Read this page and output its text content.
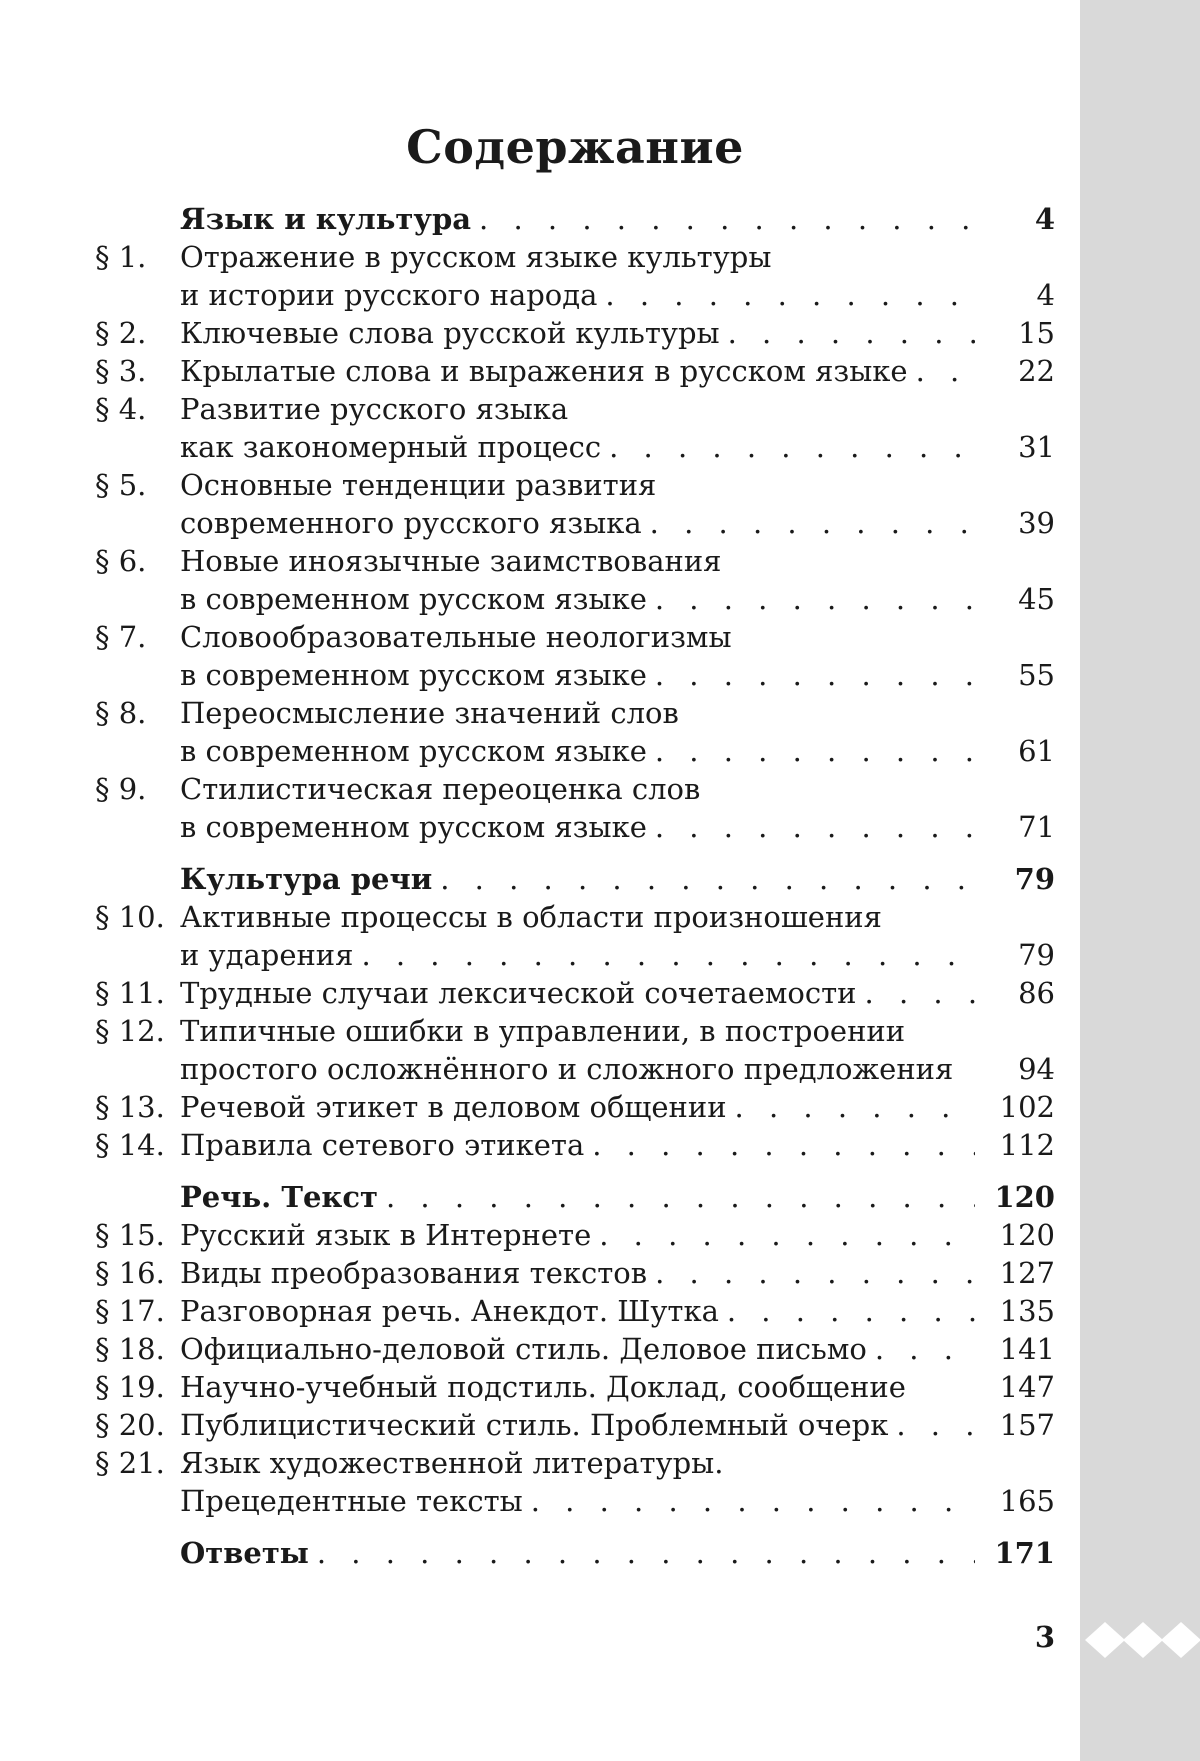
Содержание
Язык и культура . . .	4
§ 1.	Отражение в русском языке культуры
и истории русского народа . . .	4
§ 2.	Ключевые слова русской культуры . . .	15
§ 3.	Крылатые слова и выражения в русском языке . . .	22
§ 4.	Развитие русского языка
как закономерный процесс . . .	31
§ 5.	Основные тенденции развития
современного русского языка . . .	39
§ 6.	Новые иноязычные заимствования
в современном русском языке . . .	45
§ 7.	Словообразовательные неологизмы
в современном русском языке . . .	55
§ 8.	Переосмысление значений слов
в современном русском языке . . .	61
§ 9.	Стилистическая переоценка слов
в современном русском языке . . .	71
Культура речи . . .	79
§ 10. Активные процессы в области произношения
и ударения . . .	79
§ 11. Трудные случаи лексической сочетаемости . . .	86
§ 12. Типичные ошибки в управлении, в построении
простого осложнённого и сложного предложения	94
§ 13. Речевой этикет в деловом общении . . .	102
§ 14. Правила сетевого этикета . . .	112
Речь. Текст . . .	120
§ 15. Русский язык в Интернете . . .	120
§ 16. Виды преобразования текстов . . .	127
§ 17. Разговорная речь. Анекдот. Шутка . . .	135
§ 18. Официально-деловой стиль. Деловое письмо . . .	141
§ 19. Научно-учебный подстиль. Доклад, сообщение	147
§ 20. Публицистический стиль. Проблемный очерк . . .	157
§ 21. Язык художественной литературы.
Прецедентные тексты . . .	165
Ответы . . .	171
3
